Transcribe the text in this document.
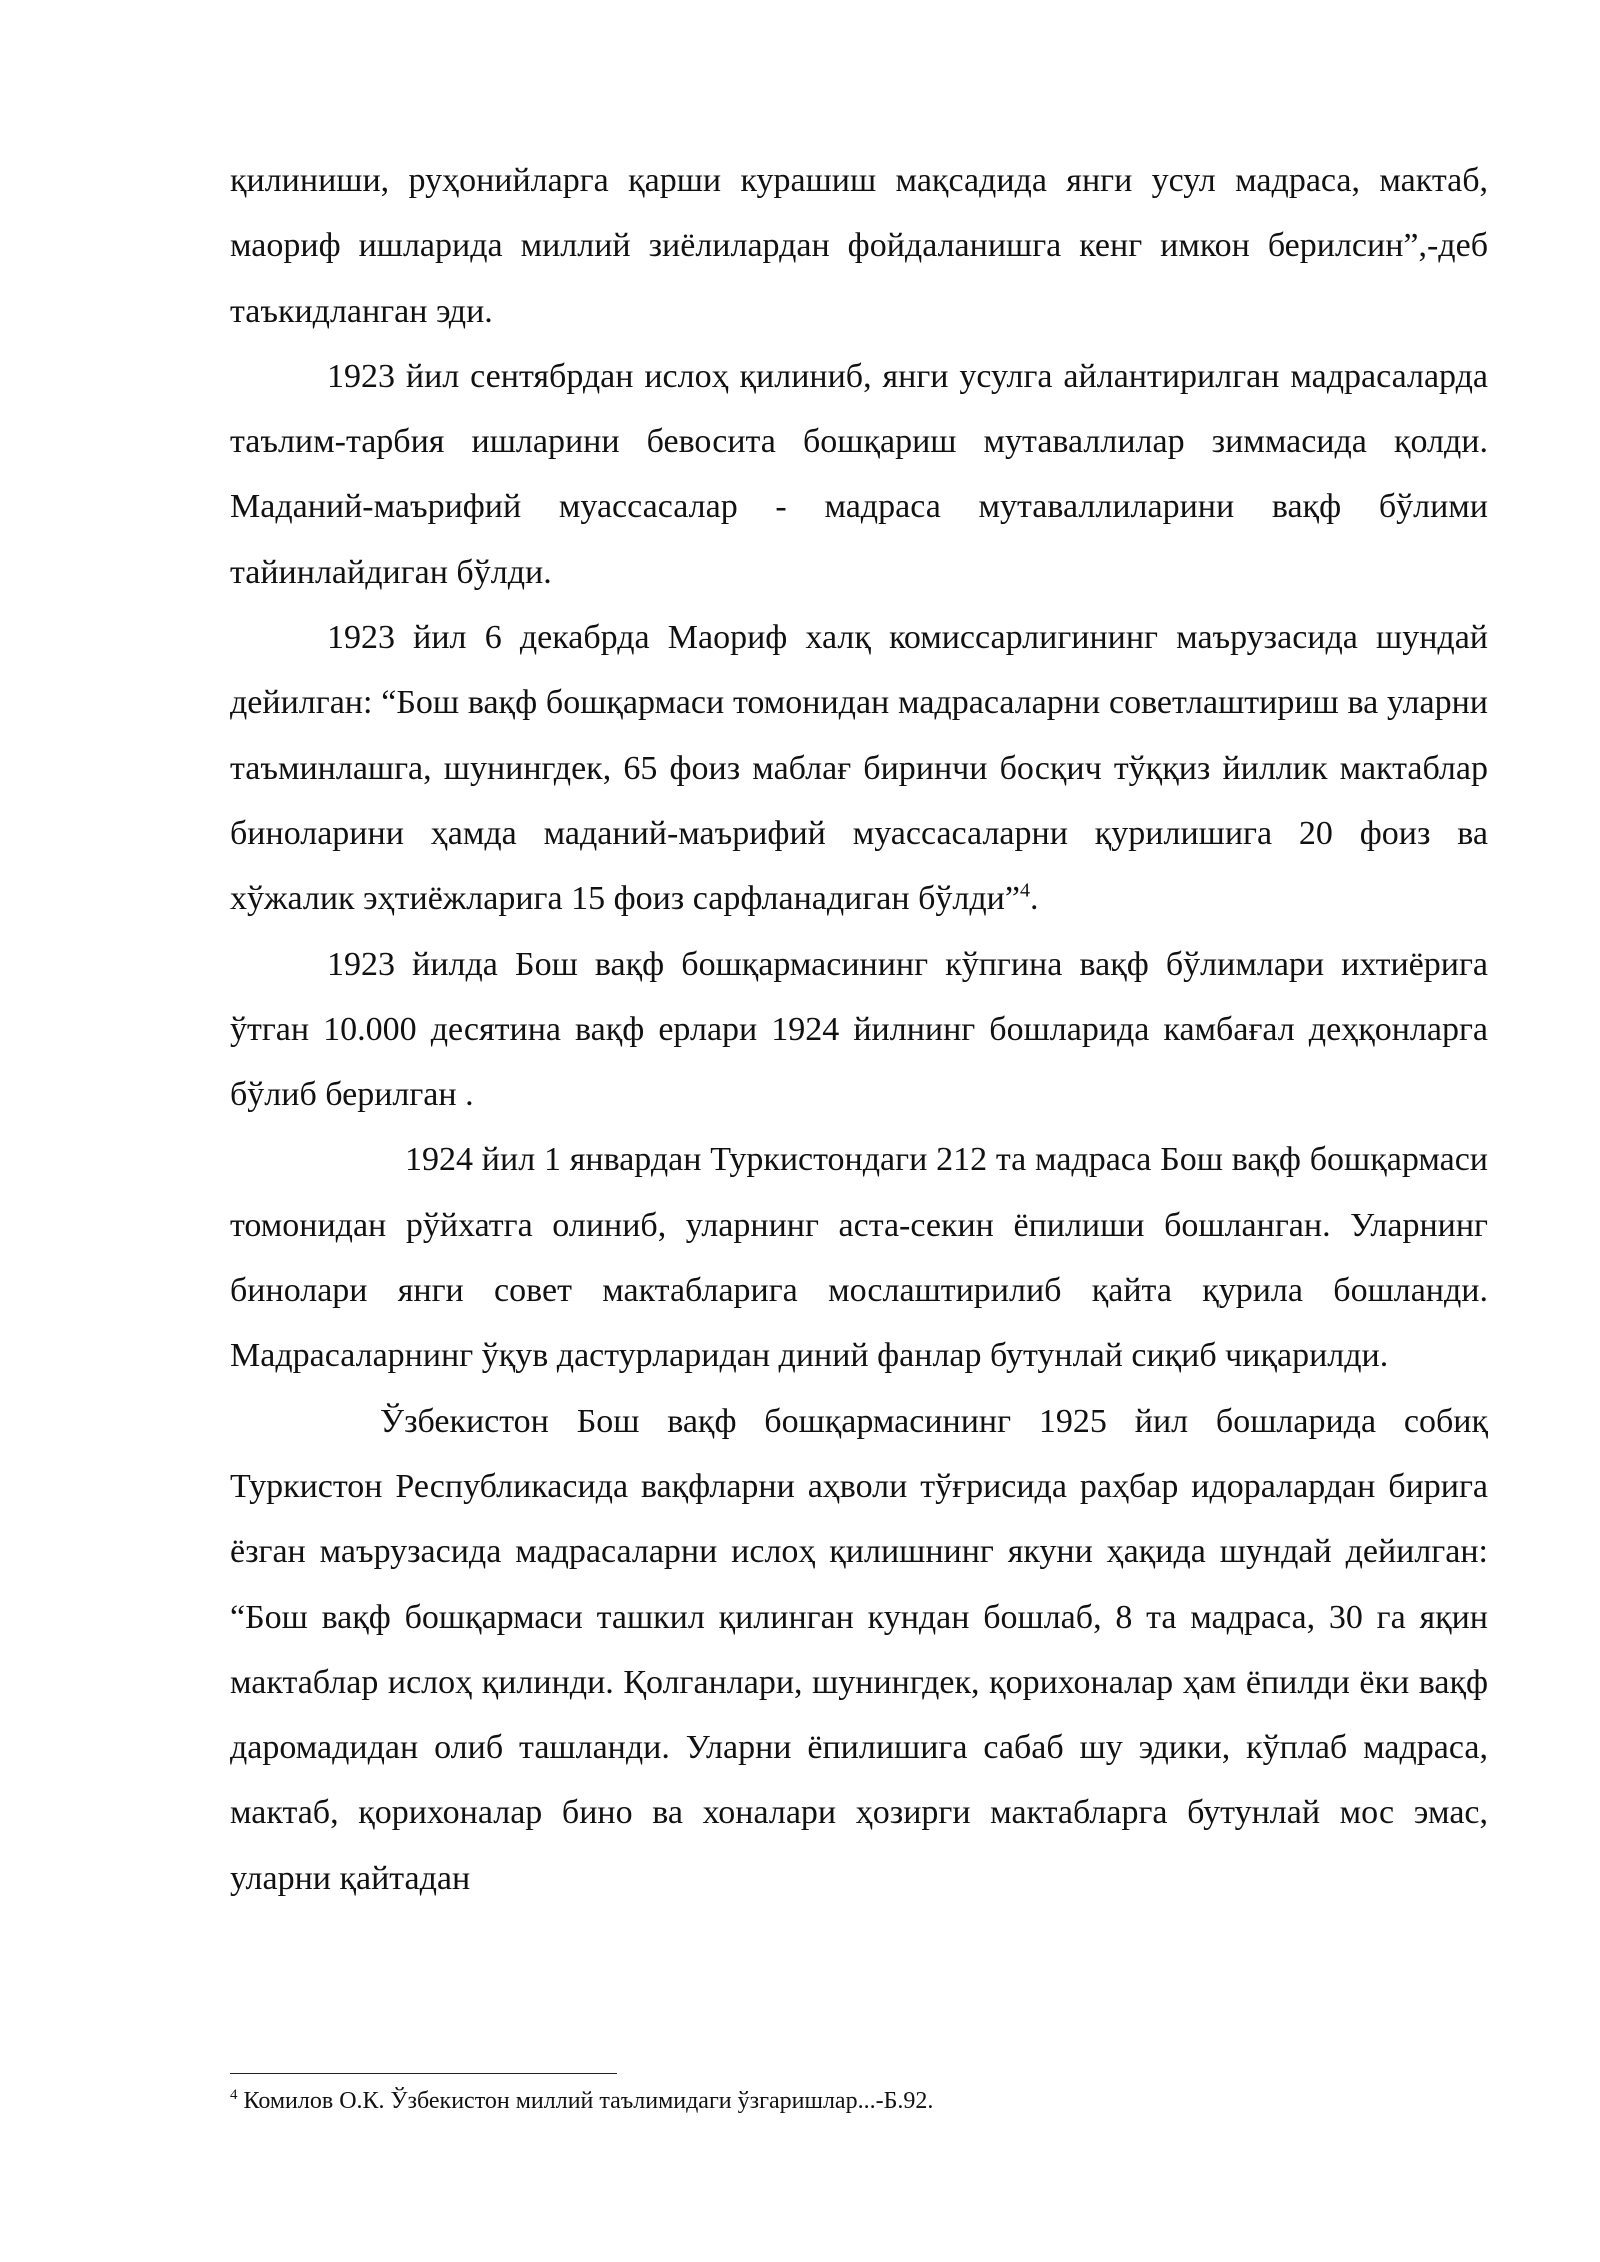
қилиниши, руҳонийларга қарши курашиш мақсадида янги усул мадраса, мактаб, маориф ишларида миллий зиёлилардан фойдаланишга кенг имкон берилсин”,-деб таъкидланган эди.

1923 йил сентябрдан ислоҳ қилиниб, янги усулга айлантирилган мадрасаларда таълим-тарбия ишларини бевосита бошқариш мутаваллилар зиммасида қолди. Маданий-маърифий муассасалар - мадраса мутаваллиларини вақф бўлими тайинлайдиган бўлди.

1923 йил 6 декабрда Маориф халқ комиссарлигининг маърузасида шундай дейилган: “Бош вақф бошқармаси томонидан мадрасаларни советлаштириш ва уларни таъминлашга, шунингдек, 65 фоиз маблағ биринчи босқич тўққиз йиллик мактаблар биноларини ҳамда маданий-маърифий муассасаларни қурилишига 20 фоиз ва хўжалик эҳтиёжларига 15 фоиз сарфланадиган бўлди”$^4$.

1923 йилда Бош вақф бошқармасининг кўпгина вақф бўлимлари ихтиёрига ўтган 10.000 десятина вақф ерлари 1924 йилнинг бошларида камбағал деҳқонларга бўлиб берилган .

1924 йил 1 январдан Туркистондаги 212 та мадраса Бош вақф бошқармаси томонидан рўйхатга олиниб, уларнинг аста-секин ёпилиши бошланган. Уларнинг бинолари янги совет мактабларига мослаштирилиб қайта қурила бошланди. Мадрасаларнинг ўқув дастурларидан диний фанлар бутунлай сиқиб чиқарилди.

Ўзбекистон Бош вақф бошқармасининг 1925 йил бошларида собиқ Туркистон Республикасида вақфларни аҳволи тўғрисида раҳбар идоралардан бирига ёзган маърузасида мадрасаларни ислоҳ қилишнинг якуни ҳақида шундай дейилган: “Бош вақф бошқармаси ташкил қилинган кундан бошлаб, 8 та мадраса, 30 га яқин мактаблар ислоҳ қилинди. Қолганлари, шунингдек, қорихоналар ҳам ёпилди ёки вақф даромадидан олиб ташланди. Уларни ёпилишига сабаб шу эдики, кўплаб мадраса, мактаб, қорихоналар бино ва хоналари ҳозирги мактабларга бутунлай мос эмас, уларни қайтадан

$^4$ Комилов О.К. Ўзбекистон миллий таълимидаги ўзгаришлар...-Б.92.
